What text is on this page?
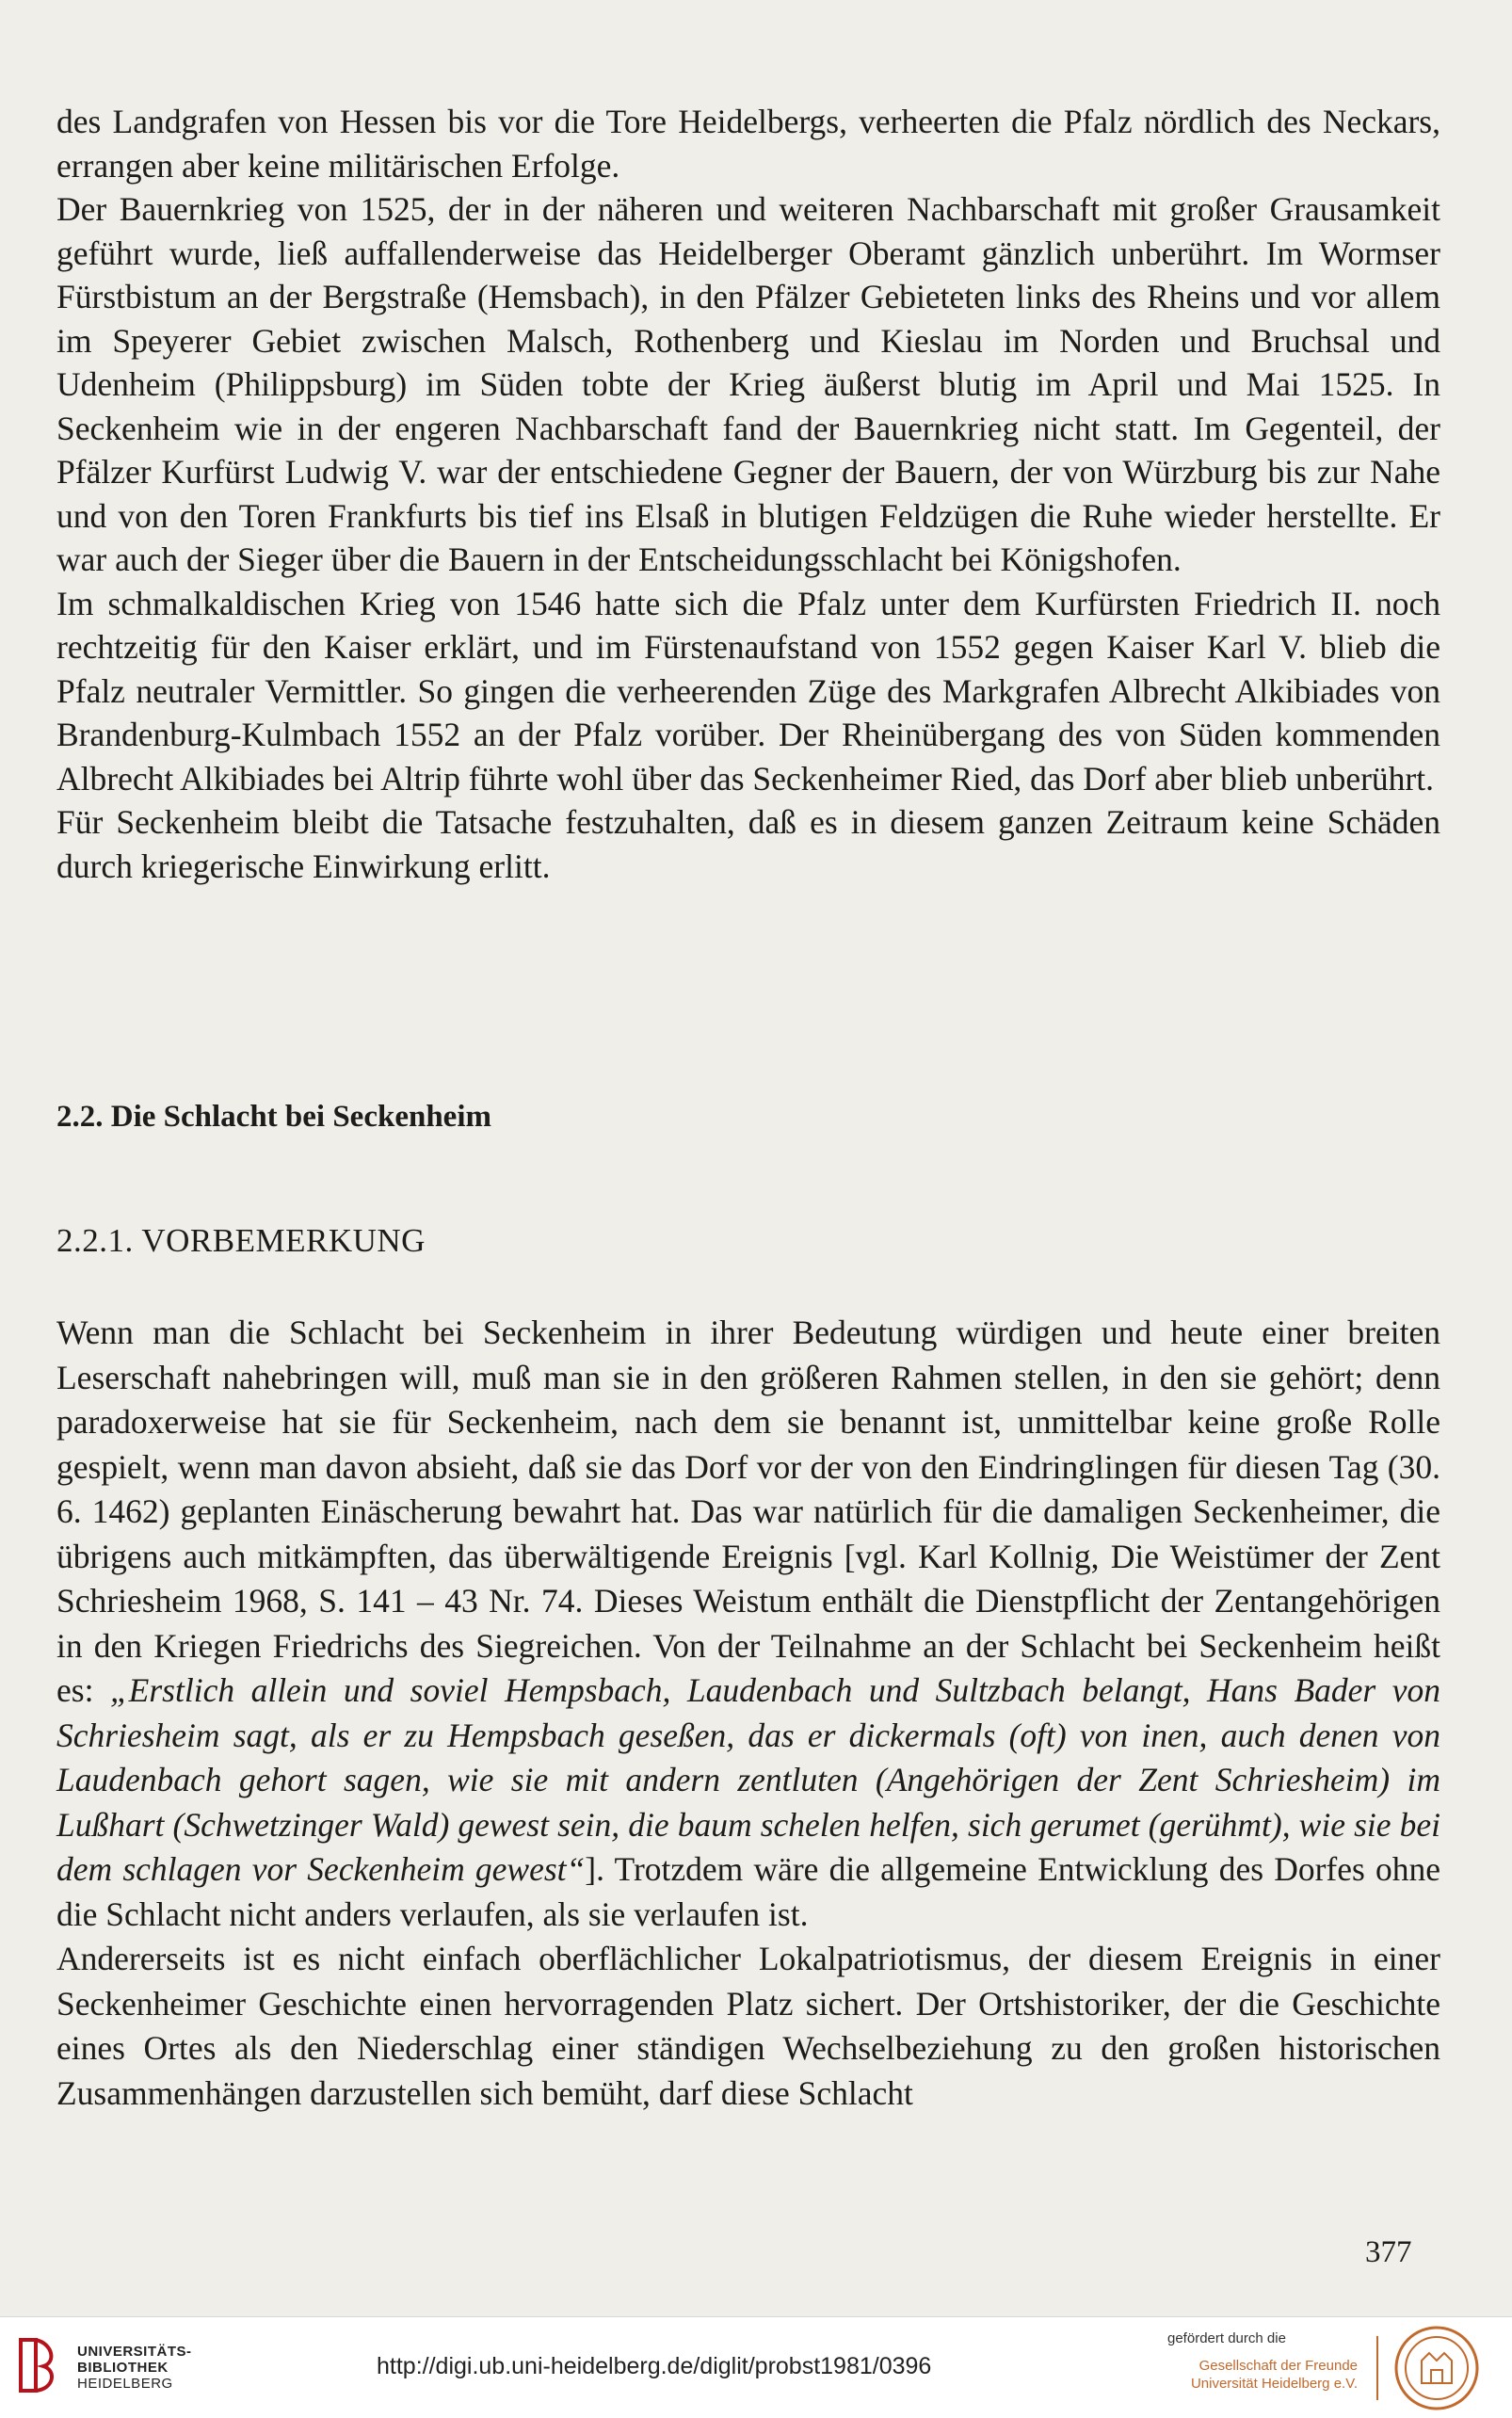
des Landgrafen von Hessen bis vor die Tore Heidelbergs, verheerten die Pfalz nördlich des Neckars, errangen aber keine militärischen Erfolge.

Der Bauernkrieg von 1525, der in der näheren und weiteren Nachbarschaft mit großer Grausamkeit geführt wurde, ließ auffallenderweise das Heidelberger Oberamt gänzlich unberührt. Im Wormser Fürstbistum an der Bergstraße (Hemsbach), in den Pfälzer Gebieteten links des Rheins und vor allem im Speyerer Gebiet zwischen Malsch, Rothenberg und Kieslau im Norden und Bruchsal und Udenheim (Philippsburg) im Süden tobte der Krieg äußerst blutig im April und Mai 1525. In Seckenheim wie in der engeren Nachbarschaft fand der Bauernkrieg nicht statt. Im Gegenteil, der Pfälzer Kurfürst Ludwig V. war der entschiedene Gegner der Bauern, der von Würzburg bis zur Nahe und von den Toren Frankfurts bis tief ins Elsaß in blutigen Feldzügen die Ruhe wieder herstellte. Er war auch der Sieger über die Bauern in der Entscheidungsschlacht bei Königshofen.

Im schmalkaldischen Krieg von 1546 hatte sich die Pfalz unter dem Kurfürsten Friedrich II. noch rechtzeitig für den Kaiser erklärt, und im Fürstenaufstand von 1552 gegen Kaiser Karl V. blieb die Pfalz neutraler Vermittler. So gingen die verheerenden Züge des Markgrafen Albrecht Alkibiades von Brandenburg-Kulmbach 1552 an der Pfalz vorüber. Der Rheinübergang des von Süden kommenden Albrecht Alkibiades bei Altrip führte wohl über das Seckenheimer Ried, das Dorf aber blieb unberührt.

Für Seckenheim bleibt die Tatsache festzuhalten, daß es in diesem ganzen Zeitraum keine Schäden durch kriegerische Einwirkung erlitt.

2.2. Die Schlacht bei Seckenheim
2.2.1. VORBEMERKUNG

Wenn man die Schlacht bei Seckenheim in ihrer Bedeutung würdigen und heute einer breiten Leserschaft nahebringen will, muß man sie in den größeren Rahmen stellen, in den sie gehört; denn paradoxerweise hat sie für Seckenheim, nach dem sie benannt ist, unmittelbar keine große Rolle gespielt, wenn man davon absieht, daß sie das Dorf vor der von den Eindringlingen für diesen Tag (30. 6. 1462) geplanten Einäscherung bewahrt hat. Das war natürlich für die damaligen Seckenheimer, die übrigens auch mitkämpften, das überwältigende Ereignis [vgl. Karl Kollnig, Die Weistümer der Zent Schriesheim 1968, S. 141 – 43 Nr. 74. Dieses Weistum enthält die Dienstpflicht der Zentangehörigen in den Kriegen Friedrichs des Siegreichen. Von der Teilnahme an der Schlacht bei Seckenheim heißt es: „Erstlich allein und soviel Hempsbach, Laudenbach und Sultzbach belangt, Hans Bader von Schriesheim sagt, als er zu Hempsbach geseßen, das er dickermals (oft) von inen, auch denen von Laudenbach gehort sagen, wie sie mit andern zentluten (Angehörigen der Zent Schriesheim) im Lußhart (Schwetzinger Wald) gewest sein, die baum schelen helfen, sich gerumet (gerühmt), wie sie bei dem schlagen vor Seckenheim gewest“]. Trotzdem wäre die allgemeine Entwicklung des Dorfes ohne die Schlacht nicht anders verlaufen, als sie verlaufen ist.

Andererseits ist es nicht einfach oberflächlicher Lokalpatriotismus, der diesem Ereignis in einer Seckenheimer Geschichte einen hervorragenden Platz sichert. Der Ortshistoriker, der die Geschichte eines Ortes als den Niederschlag einer ständigen Wechselbeziehung zu den großen historischen Zusammenhängen darzustellen sich bemüht, darf diese Schlacht

377

UNIVERSITÄTS-
BIBLIOTHEK
HEIDELBERG
http://digi.ub.uni-heidelberg.de/diglit/probst1981/0396
gefördert durch die
Gesellschaft der Freunde
Universität Heidelberg e.V.
